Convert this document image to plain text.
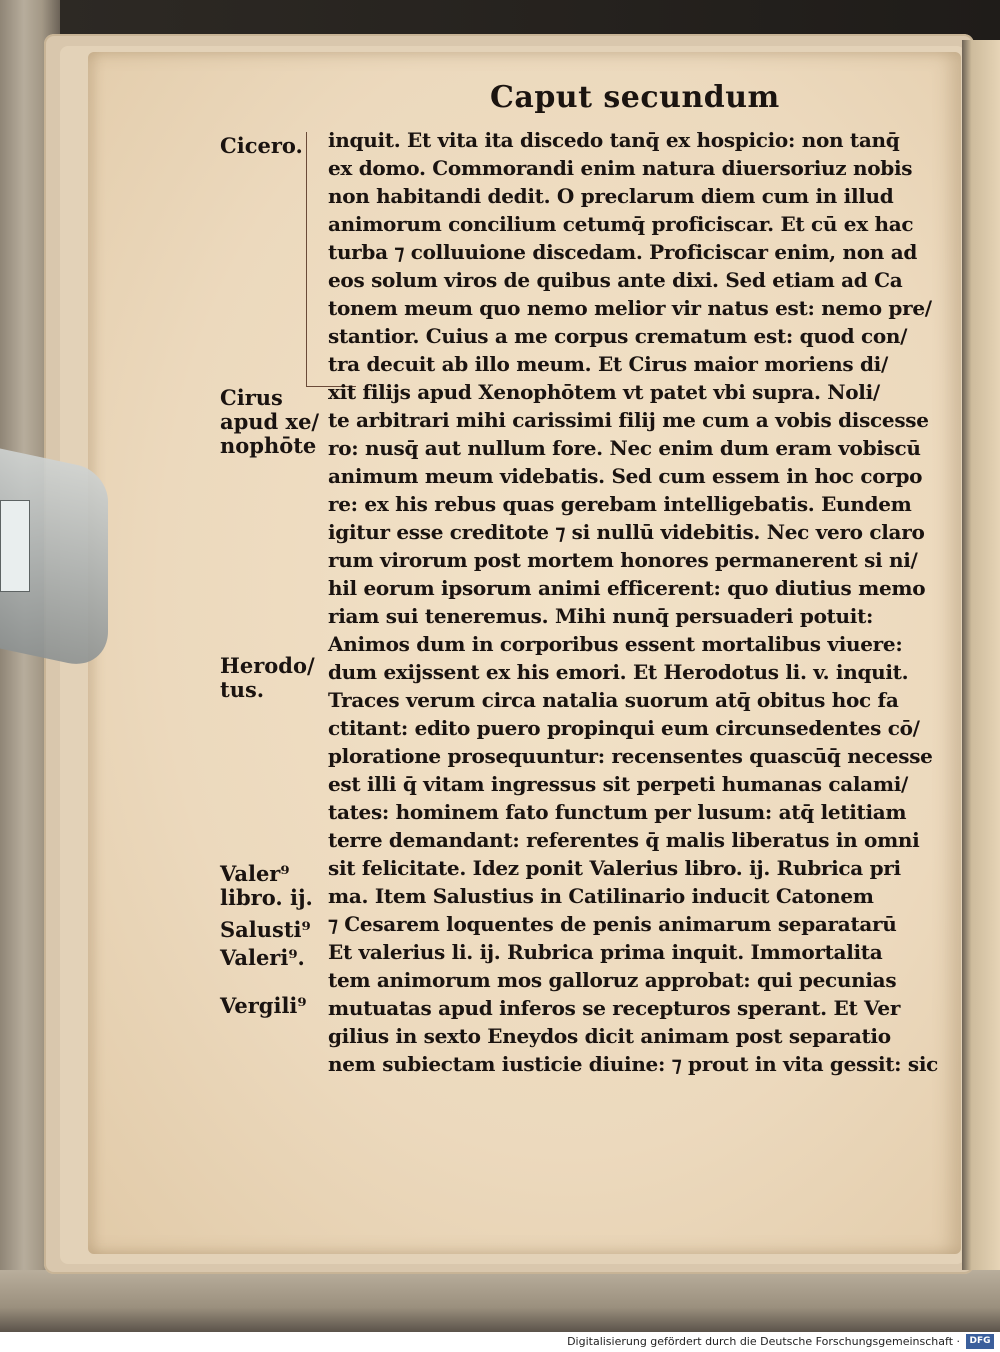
Caput secundum
inquit. Et vita ita discedo tanq̄ ex hospicio: non tanq̄
ex domo. Commorandi enim natura diuersoriuz nobis
non habitandi dedit. O preclarum diem cum in illud
animorum concilium cetumq̄ proficiscar. Et cū ex hac
turba ⁊ colluuione discedam. Proficiscar enim, non ad
eos solum viros de quibus ante dixi. Sed etiam ad Ca
tonem meum quo nemo melior vir natus est: nemo pre/
stantior. Cuius a me corpus crematum est: quod con/
tra decuit ab illo meum. Et Cirus maior moriens di/
xit filijs apud Xenophōtem vt patet vbi supra. Noli/
te arbitrari mihi carissimi filij me cum a vobis discesse
ro: nusq̄ aut nullum fore. Nec enim dum eram vobiscū
animum meum videbatis. Sed cum essem in hoc corpo
re: ex his rebus quas gerebam intelligebatis. Eundem
igitur esse creditote ⁊ si nullū videbitis. Nec vero claro
rum virorum post mortem honores permanerent si ni/
hil eorum ipsorum animi efficerent: quo diutius memo
riam sui teneremus. Mihi nunq̄ persuaderi potuit:
Animos dum in corporibus essent mortalibus viuere:
dum exijssent ex his emori. Et Herodotus li. v. inquit.
Traces verum circa natalia suorum atq̄ obitus hoc fa
ctitant: edito puero propinqui eum circunsedentes cō/
ploratione prosequuntur: recensentes quascūq̄ necesse
est illi q̄ vitam ingressus sit perpeti humanas calami/
tates: hominem fato functum per lusum: atq̄ letitiam
terre demandant: referentes q̄ malis liberatus in omni
sit felicitate. Idez ponit Valerius libro. ij. Rubrica pri
ma. Item Salustius in Catilinario inducit Catonem
⁊ Cesarem loquentes de penis animarum separatarū
Et valerius li. ij. Rubrica prima inquit. Immortalita
tem animorum mos galloruz approbat: qui pecunias
mutuatas apud inferos se recepturos sperant. Et Ver
gilius in sexto Eneydos dicit animam post separatio
nem subiectam iusticie diuine: ⁊ prout in vita gessit: sic
Cicero.
Cirus
apud xe/
nophōte
Herodo/
tus.
Valer⁹
libro. ij.
Salusti⁹
Valeri⁹.
Vergili⁹
Digitalisierung gefördert durch die Deutsche Forschungsgemeinschaft ·	DFG
